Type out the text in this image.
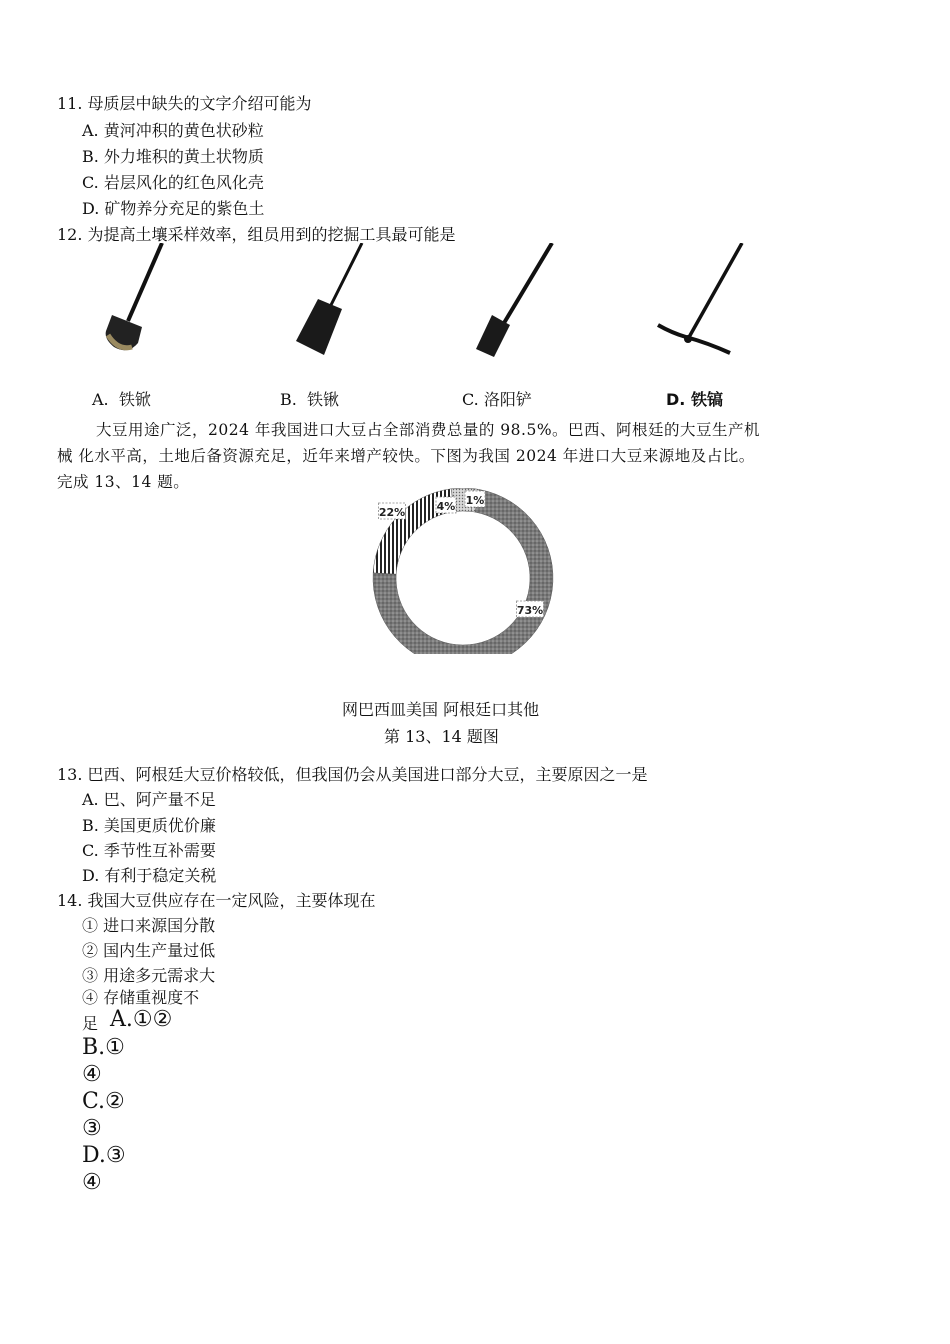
11. 母质层中缺失的文字介绍可能为
A. 黄河冲积的黄色状砂粒
B. 外力堆积的黄土状物质
C. 岩层风化的红色风化壳
D. 矿物养分充足的紫色土
12. 为提高土壤采样效率，组员用到的挖掘工具最可能是
A. 铁锨	B. 铁锹	C. 洛阳铲	D. 铁镐
大豆用途广泛，2024 年我国进口大豆占全部消费总量的 98.5%。巴西、阿根廷的大豆生产机
械 化水平高，土地后备资源充足，近年来增产较快。下图为我国 2024 年进口大豆来源地及占比。
完成 13、14 题。
1%
73%
22%	4%
网巴西皿美国 阿根廷口其他
第 13、14 题图
13. 巴西、阿根廷大豆价格较低，但我国仍会从美国进口部分大豆，主要原因之一是
A. 巴、阿产量不足
B. 美国更质优价廉
C. 季节性互补需要
D. 有利于稳定关税
14. 我国大豆供应存在一定风险，主要体现在
① 进口来源国分散
② 国内生产量过低
③ 用途多元需求大
④ 存储重视度不
足 A.①②
B.①
④
C.②
③
D.③
④
